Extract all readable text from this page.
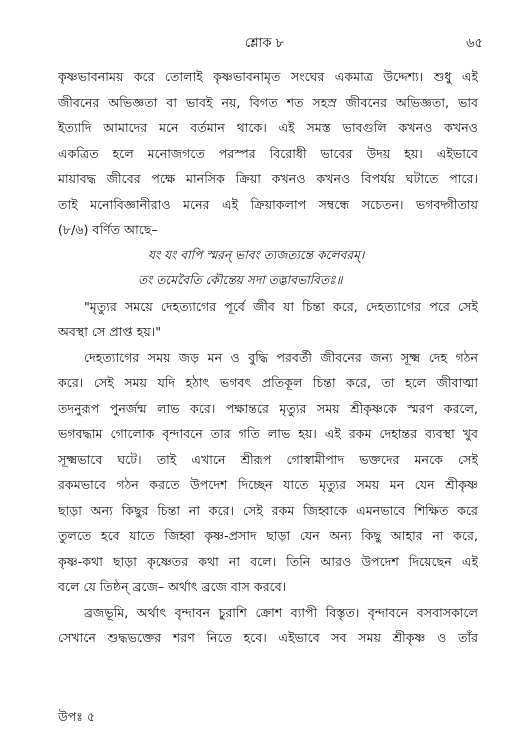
শ্লোক ৮	৬৫
কৃষ্ণভাবনাময় করে তোলাই কৃষ্ণভাবনামৃত সংঘের একমাত্র উদ্দেশ্য। শুধু এই
জীবনের অভিজ্ঞতা বা ভাবই নয়, বিগত শত সহস্র জীবনের অভিজ্ঞতা, ভাব
ইত্যাদি আমাদের মনে বর্তমান থাকে। এই সমস্ত ভাবগুলি কখনও কখনও
একত্রিত হলে মনোজগতে পরস্পর বিরোধী ভাবের উদয় হয়। এইভাবে
মায়াবদ্ধ জীবের পক্ষে মানসিক ক্রিয়া কখনও কখনও বিপর্যয় ঘটাতে পারে।
তাই মনোবিজ্ঞানীরাও মনের এই ক্রিয়াকলাপ সম্বন্ধে সচেতন। ভগবদ্গীতায়
(৮/৬) বর্ণিত আছে–
যং যং বাপি স্মরন্ ভাবং ত্যজত্যন্তে কলেবরম্।
তং তমেবৈতি কৌন্তেয় সদা তদ্ভাবভাবিতঃ॥
"মৃত্যুর সময়ে দেহত্যাগের পূর্বে জীব যা চিন্তা করে, দেহত্যাগের পরে সেই
অবস্থা সে প্রাপ্ত হয়।"
দেহত্যাগের সময় জড় মন ও বুদ্ধি পরবর্তী জীবনের জন্য সূক্ষ্ম দেহ গঠন
করে। সেই সময় যদি হঠাৎ ভগবৎ প্রতিকূল চিন্তা করে, তা হলে জীবাত্মা
তদনুরূপ পুনর্জন্ম লাভ করে। পক্ষান্তরে মৃত্যুর সময় শ্রীকৃষ্ণকে স্মরণ করলে,
ভগবদ্ধাম গোলোক বৃন্দাবনে তার গতি লাভ হয়। এই রকম দেহান্তর ব্যবস্থা খুব
সূক্ষ্মভাবে ঘটে। তাই এখানে শ্রীরূপ গোস্বামীপাদ ভক্তদের মনকে সেই
রকমভাবে গঠন করতে উপদেশ দিচ্ছেন যাতে মৃত্যুর সময় মন যেন শ্রীকৃষ্ণ
ছাড়া অন্য কিছুর চিন্তা না করে। সেই রকম জিহ্বাকে এমনভাবে শিক্ষিত করে
তুলতে হবে যাতে জিহ্বা কৃষ্ণ-প্রসাদ ছাড়া যেন অন্য কিছু আহার না করে,
কৃষ্ণ-কথা ছাড়া কৃষ্ণেতর কথা না বলে। তিনি আরও উপদেশ দিয়েছেন এই
বলে যে তিষ্ঠন্ ব্রজে– অর্থাৎ ব্রজে বাস করবে।
ব্রজভূমি, অর্থাৎ বৃন্দাবন চুরাশি ক্রোশ ব্যাপী বিস্তৃত। বৃন্দাবনে বসবাসকালে
সেখানে শুদ্ধভক্তের শরণ নিতে হবে। এইভাবে সব সময় শ্রীকৃষ্ণ ও তাঁর
উপঃ ৫
